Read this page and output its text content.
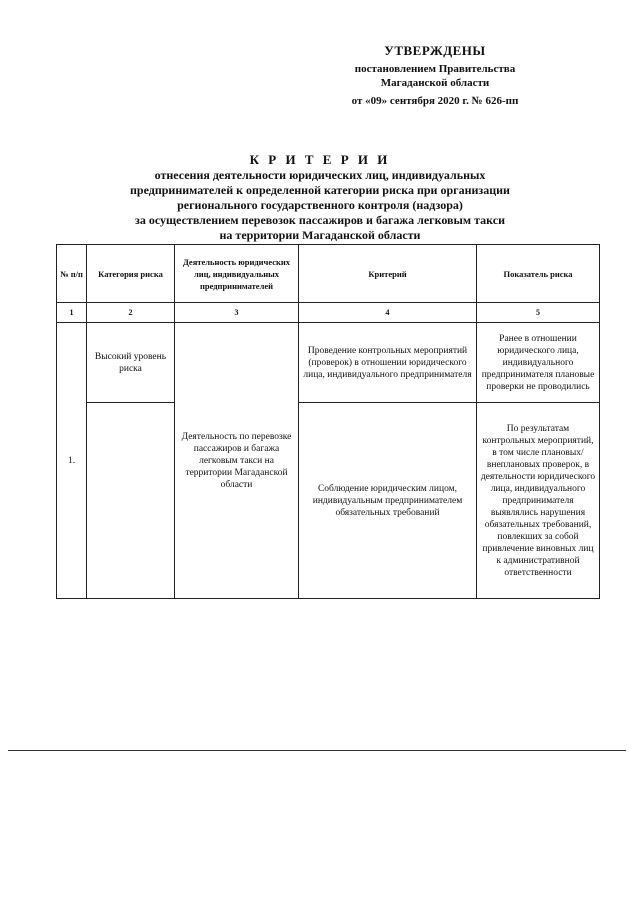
УТВЕРЖДЕНЫ
постановлением Правительства
Магаданской области
от «09» сентября 2020 г. № 626-пп
К Р И Т Е Р И И
отнесения деятельности юридических лиц, индивидуальных
предпринимателей к определенной категории риска при организации
регионального государственного контроля (надзора)
за осуществлением перевозок пассажиров и багажа легковым такси
на территории Магаданской области
№ п/п	Категория риска	Деятельность юридических лиц, индивидуальных предпринимателей	Критерий	Показатель риска
1	2	3	4	5
1.	Высокий уровень риска	Деятельность по перевозке пассажиров и багажа легковым такси на территории Магаданской области	Проведение контрольных мероприятий (проверок) в отношении юридического лица, индивидуального предпринимателя	Ранее в отношении юридического лица, индивидуального предпринимателя плановые проверки не проводились
			Соблюдение юридическим лицом, индивидуальным предпринимателем обязательных требований	По результатам контрольных мероприятий, в том числе плановых/ внеплановых проверок, в деятельности юридического лица, индивидуального предпринимателя выявлялись нарушения обязательных требований, повлекших за собой привлечение виновных лиц к административной ответственности
